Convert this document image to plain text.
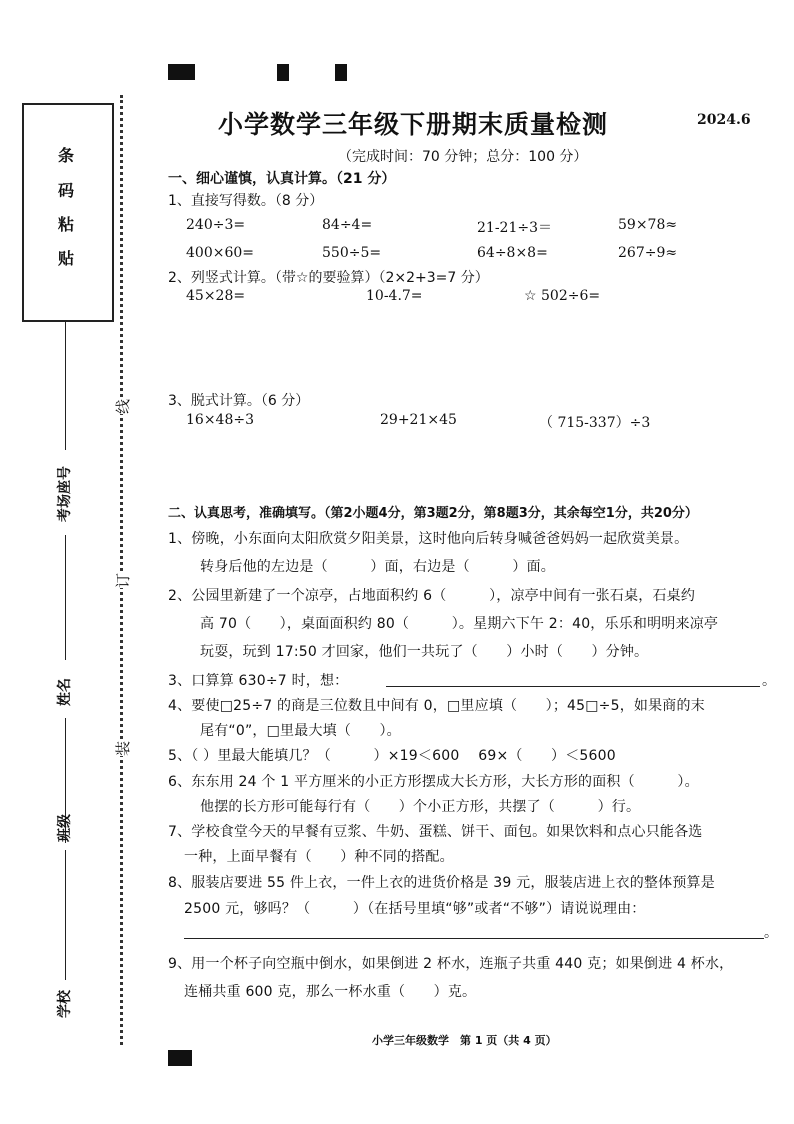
条
码
粘
贴
考场座号
姓名
班级
学校
线
订
装
小学数学三年级下册期末质量检测	2024.6
（完成时间：70 分钟；总分：100 分）
一、细心谨慎，认真计算。（21 分）
1、直接写得数。（8 分）
240÷3=	84÷4=	21-21÷3＝	59×78≈
400×60=	550÷5=	64÷8×8=	267÷9≈
2、列竖式计算。（带☆的要验算）（2×2+3=7 分）
45×28=	10-4.7=	☆ 502÷6=
3、脱式计算。（6 分）
16×48÷3	29+21×45	（ 715-337）÷3
二、认真思考，准确填写。（第2小题4分，第3题2分，第8题3分，其余每空1分，共20分）
1、傍晚，小东面向太阳欣赏夕阳美景，这时他向后转身喊爸爸妈妈一起欣赏美景。
转身后他的左边是（　　　）面，右边是（　　　）面。
2、公园里新建了一个凉亭，占地面积约 6（　　　），凉亭中间有一张石桌，石桌约
高 70（　　），桌面面积约 80（　　　）。星期六下午 2：40，乐乐和明明来凉亭
玩耍，玩到 17:50 才回家，他们一共玩了（　　）小时（　　）分钟。
3、口算算 630÷7 时，想：	。
4、要使□25÷7 的商是三位数且中间有 0，□里应填（　　）；45□÷5，如果商的末
尾有“0”，□里最大填（　　）。
5、（ ）里最大能填几？（　　　）×19＜600　 69×（　　）＜5600
6、东东用 24 个 1 平方厘米的小正方形摆成大长方形，大长方形的面积（　　　）。
他摆的长方形可能每行有（　　）个小正方形，共摆了（　　　）行。
7、学校食堂今天的早餐有豆浆、牛奶、蛋糕、饼干、面包。如果饮料和点心只能各选
一种，上面早餐有（　　）种不同的搭配。
8、服装店要进 55 件上衣，一件上衣的进货价格是 39 元，服装店进上衣的整体预算是
2500 元，够吗？（　　　）（在括号里填“够”或者“不够”）请说说理由：
。
9、用一个杯子向空瓶中倒水，如果倒进 2 杯水，连瓶子共重 440 克；如果倒进 4 杯水，
连桶共重 600 克，那么一杯水重（　　）克。
小学三年级数学　第 1 页（共 4 页）
